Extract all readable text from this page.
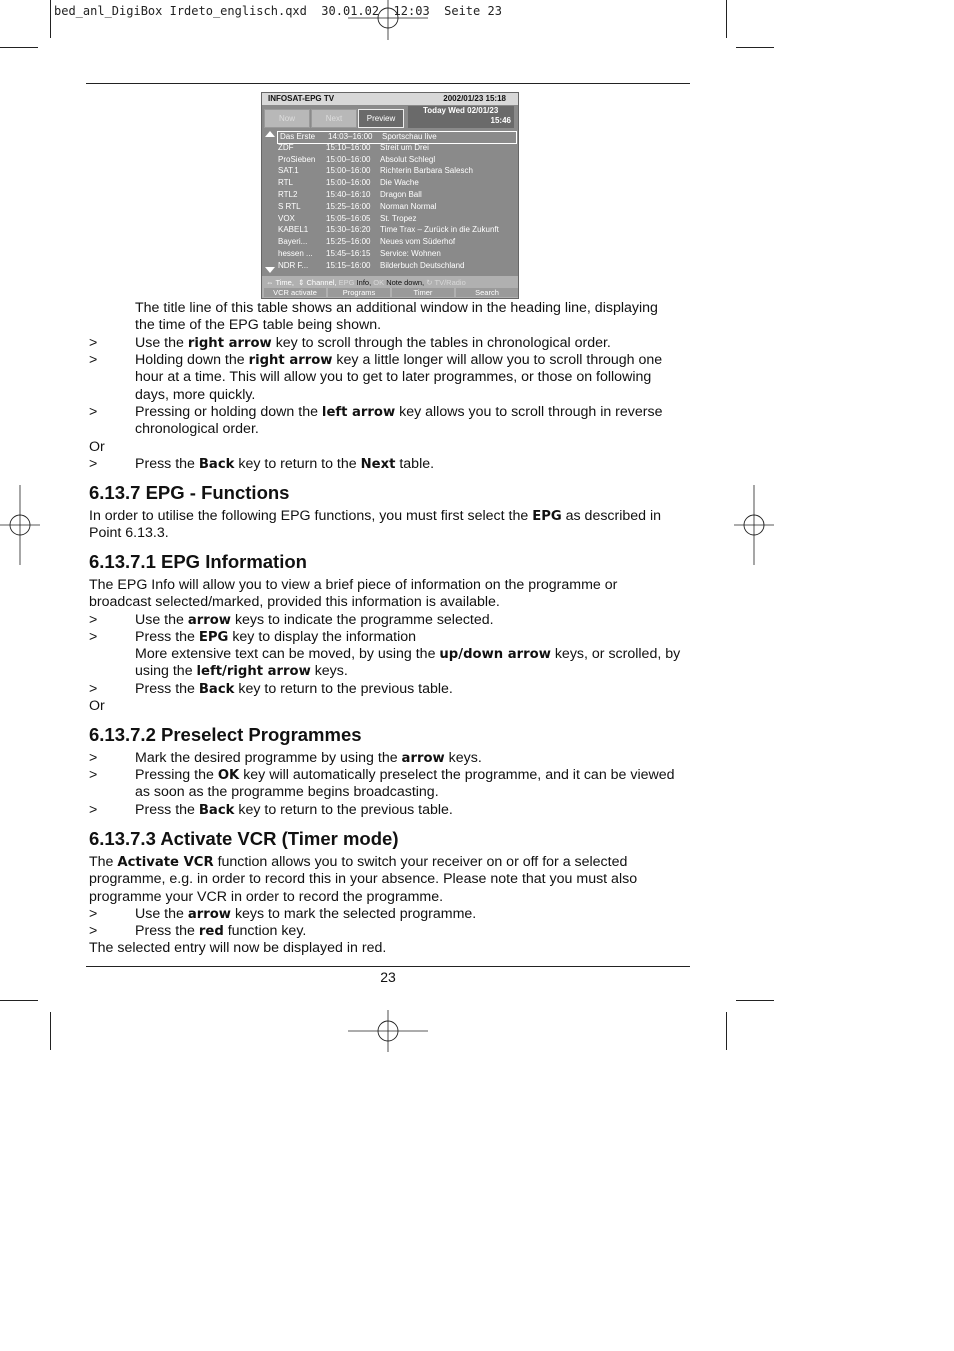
bed_anl_DigiBox Irdeto_englisch.qxd  30.01.02  12:03  Seite 23
INFOSAT-EPG TV	2002/01/23 15:18
Now	Next	Preview
Today Wed 02/01/23
15:46
Das Erste 14:03–16:00 Sportschau live
ZDF	15:10–16:00 Streit um Drei
ProSieben 15:00–16:00 Absolut Schlegl
SAT.1	15:00–16:00 Richterin Barbara Salesch
RTL	15:00–16:00 Die Wache
RTL2	15:40–16:10 Dragon Ball
S RTL	15:25–16:00 Norman Normal
VOX	15:05–16:05 St. Tropez
KABEL1 15:30–16:20 Time Trax – Zurück in die Zukunft
Bayeri... 15:25–16:00 Neues vom Süderhof
hessen ... 15:45–16:15 Service: Wohnen
NDR F... 15:15–16:00 Bilderbuch Deutschland
⇔ Time,  ⇕ Channel, EPG Info, OK Note down, ↻ TV/Radio
VCR activate	Programs	Timer	Search
The title line of this table shows an additional window in the heading line, displaying the time of the EPG table being shown.
>	Use the right arrow key to scroll through the tables in chronological order.
>	Holding down the right arrow key a little longer will allow you to scroll through one hour at a time. This will allow you to get to later programmes, or those on following days, more quickly.
>	Pressing or holding down the left arrow key allows you to scroll through in reverse chronological order.
Or
>	Press the Back key to return to the Next table.
6.13.7 EPG - Functions
In order to utilise the following EPG functions, you must first select the EPG as described in Point 6.13.3.
6.13.7.1 EPG Information
The EPG Info will allow you to view a brief piece of information on the programme or broadcast selected/marked, provided this information is available.
>	Use the arrow keys to indicate the programme selected.
>	Press the EPG key to display the information
More extensive text can be moved, by using the up/down arrow keys, or scrolled, by using the left/right arrow keys.
>	Press the Back key to return to the previous table.
Or
6.13.7.2 Preselect Programmes
>	Mark the desired programme by using the arrow keys.
>	Pressing the OK key will automatically preselect the programme, and it can be viewed as soon as the programme begins broadcasting.
>	Press the Back key to return to the previous table.
6.13.7.3 Activate VCR (Timer mode)
The Activate VCR function allows you to switch your receiver on or off for a selected programme, e.g. in order to record this in your absence. Please note that you must also programme your VCR in order to record the programme.
>	Use the arrow keys to mark the selected programme.
>	Press the red function key.
The selected entry will now be displayed in red.
23
